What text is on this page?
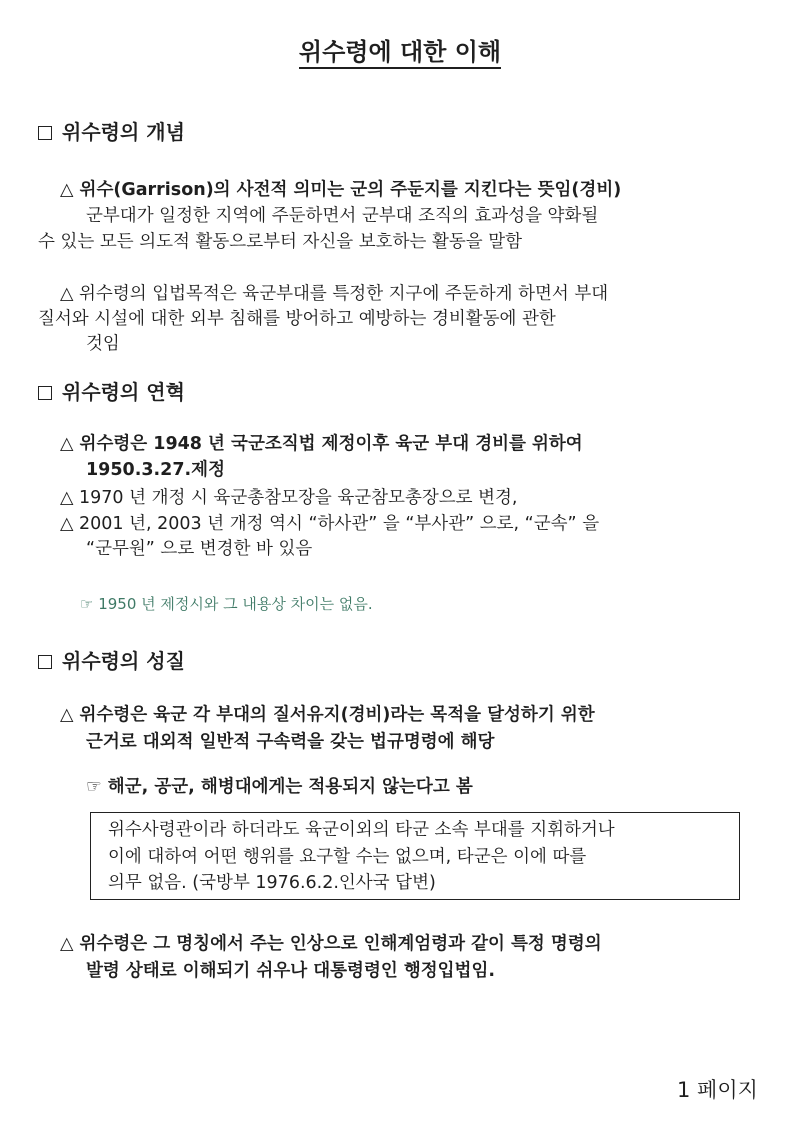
위수령에 대한 이해
위수령의 개념
△ 위수(Garrison)의 사전적 의미는 군의 주둔지를 지킨다는 뜻임(경비)
군부대가 일정한 지역에 주둔하면서 군부대 조직의 효과성을 약화될
수 있는 모든 의도적 활동으로부터 자신을 보호하는 활동을 말함
△ 위수령의 입법목적은 육군부대를 특정한 지구에 주둔하게 하면서 부대
질서와 시설에 대한 외부 침해를 방어하고 예방하는 경비활동에 관한
것임
위수령의 연혁
△ 위수령은 1948 년 국군조직법 제정이후 육군 부대 경비를 위하여
1950.3.27.제정
△ 1970 년 개정 시 육군총참모장을 육군참모총장으로 변경,
△ 2001 년, 2003 년 개정 역시 “하사관” 을 “부사관” 으로, “군속” 을
“군무원” 으로 변경한 바 있음
☞ 1950 년 제정시와 그 내용상 차이는 없음.
위수령의 성질
△ 위수령은 육군 각 부대의 질서유지(경비)라는 목적을 달성하기 위한
근거로 대외적 일반적 구속력을 갖는 법규명령에 해당
☞ 해군, 공군, 해병대에게는 적용되지 않는다고 봄
위수사령관이라 하더라도 육군이외의 타군 소속 부대를 지휘하거나
이에 대하여 어떤 행위를 요구할 수는 없으며, 타군은 이에 따를
의무 없음. (국방부 1976.6.2.인사국 답변)
△ 위수령은 그 명칭에서 주는 인상으로 인해계엄령과 같이 특정 명령의
발령 상태로 이해되기 쉬우나 대통령령인 행정입법임.
1 페이지
